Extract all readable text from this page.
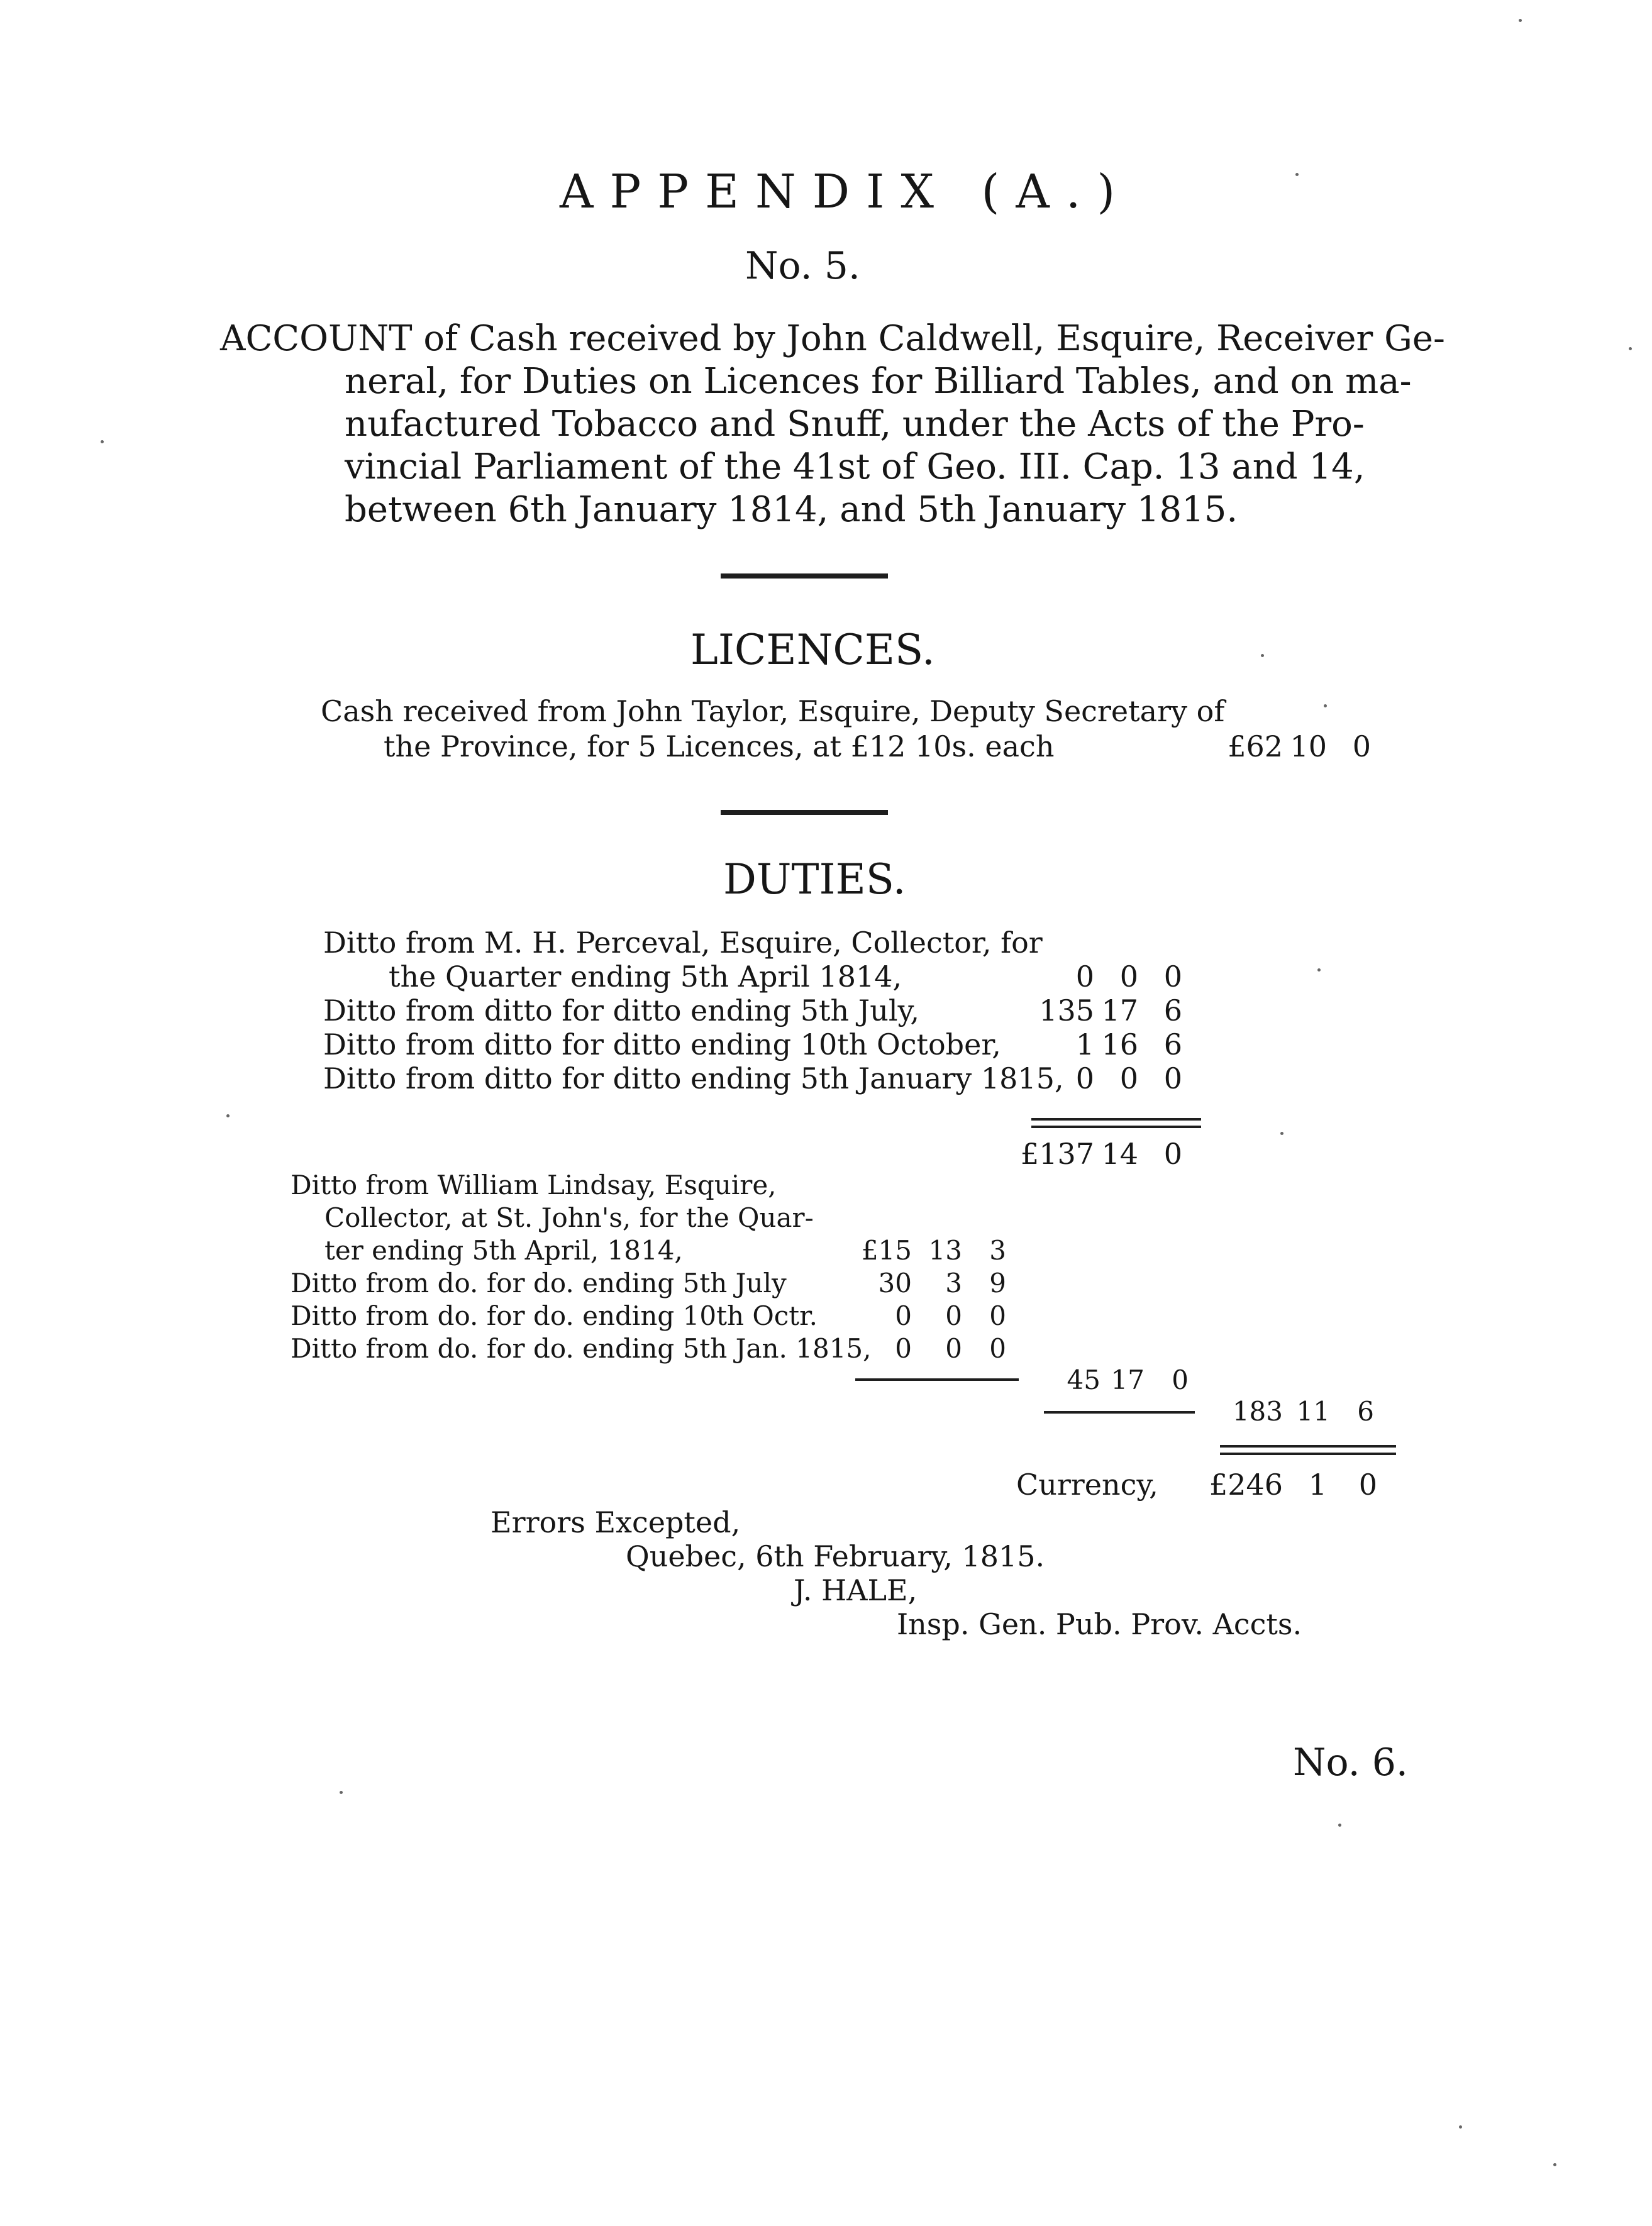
APPENDIX (A.)
No. 5.
ACCOUNT of Cash received by John Caldwell, Esquire, Receiver Ge-
neral, for Duties on Licences for Billiard Tables, and on ma-
nufactured Tobacco and Snuff, under the Acts of the Pro-
vincial Parliament of the 41st of Geo. III. Cap. 13 and 14,
between 6th January 1814, and 5th January 1815.
LICENCES.
Cash received from John Taylor, Esquire, Deputy Secretary of
the Province, for 5 Licences, at £12 10s. each	£62 10 0
DUTIES.
Ditto from M. H. Perceval, Esquire, Collector, for
the Quarter ending 5th April 1814,	0 0 0
Ditto from ditto for ditto ending 5th July,	135 17 6
Ditto from ditto for ditto ending 10th October,	1 16 6
Ditto from ditto for ditto ending 5th January 1815, 0 0 0
£137 14 0
Ditto from William Lindsay, Esquire,
Collector, at St. John's, for the Quar-
ter ending 5th April, 1814,	£15 13	3
Ditto from do. for do. ending 5th July	30	3	9
Ditto from do. for do. ending 10th Octr.	0	0	0
Ditto from do. for do. ending 5th Jan. 1815, 0	0	0
45 17	0
183 11	6
Currency,	£246 1	0
Errors Excepted,
Quebec, 6th February, 1815.
J. HALE,
Insp. Gen. Pub. Prov. Accts.
No. 6.
